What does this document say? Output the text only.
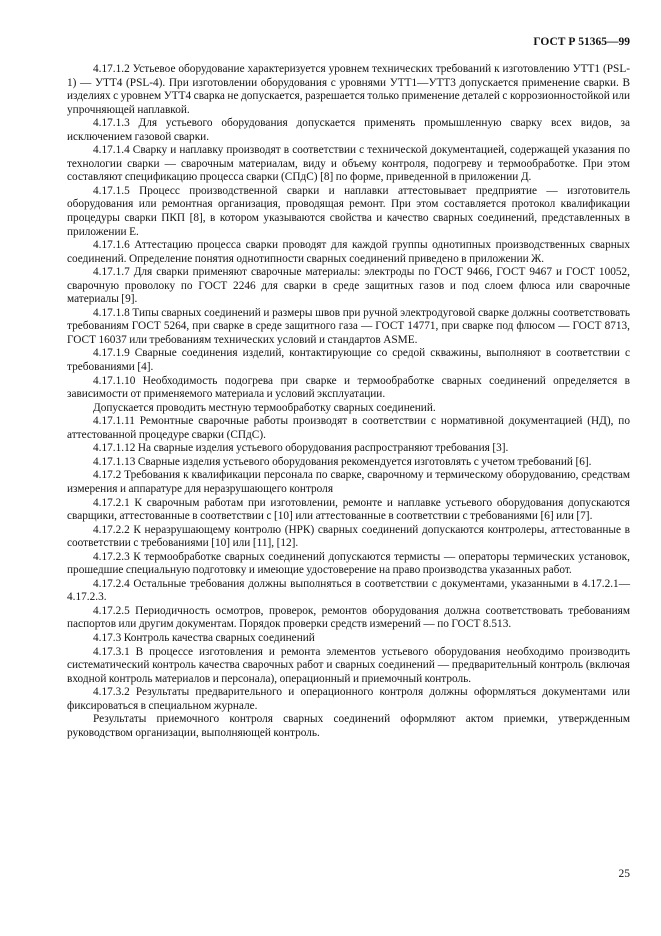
ГОСТ Р 51365—99

4.17.1.2 Устьевое оборудование характеризуется уровнем технических требований к изготовлению УТТ1 (PSL-1) — УТТ4 (PSL-4). При изготовлении оборудования с уровнями УТТ1—УТТ3 допускается применение сварки. В изделиях с уровнем УТТ4 сварка не допускается, разрешается только применение деталей с коррозионностойкой или упрочняющей наплавкой.

4.17.1.3 Для устьевого оборудования допускается применять промышленную сварку всех видов, за исключением газовой сварки.

4.17.1.4 Сварку и наплавку производят в соответствии с технической документацией, содержащей указания по технологии сварки — сварочным материалам, виду и объему контроля, подогреву и термообработке. При этом составляют спецификацию процесса сварки (СПдС) [8] по форме, приведенной в приложении Д.

4.17.1.5 Процесс производственной сварки и наплавки аттестовывает предприятие — изготовитель оборудования или ремонтная организация, проводящая ремонт. При этом составляется протокол квалификации процедуры сварки ПКП [8], в котором указываются свойства и качество сварных соединений, представленных в приложении Е.

4.17.1.6 Аттестацию процесса сварки проводят для каждой группы однотипных производственных сварных соединений. Определение понятия однотипности сварных соединений приведено в приложении Ж.

4.17.1.7 Для сварки применяют сварочные материалы: электроды по ГОСТ 9466, ГОСТ 9467 и ГОСТ 10052, сварочную проволоку по ГОСТ 2246 для сварки в среде защитных газов и под слоем флюса или сварочные материалы [9].

4.17.1.8 Типы сварных соединений и размеры швов при ручной электродуговой сварке должны соответствовать требованиям ГОСТ 5264, при сварке в среде защитного газа — ГОСТ 14771, при сварке под флюсом — ГОСТ 8713, ГОСТ 16037 или требованиям технических условий и стандартов ASME.

4.17.1.9 Сварные соединения изделий, контактирующие со средой скважины, выполняют в соответствии с требованиями [4].

4.17.1.10 Необходимость подогрева при сварке и термообработке сварных соединений определяется в зависимости от применяемого материала и условий эксплуатации.

Допускается проводить местную термообработку сварных соединений.

4.17.1.11 Ремонтные сварочные работы производят в соответствии с нормативной документацией (НД), по аттестованной процедуре сварки (СПдС).

4.17.1.12 На сварные изделия устьевого оборудования распространяют требования [3].

4.17.1.13 Сварные изделия устьевого оборудования рекомендуется изготовлять с учетом требований [6].

4.17.2 Требования к квалификации персонала по сварке, сварочному и термическому оборудованию, средствам измерения и аппаратуре для неразрушающего контроля

4.17.2.1 К сварочным работам при изготовлении, ремонте и наплавке устьевого оборудования допускаются сварщики, аттестованные в соответствии с [10] или аттестованные в соответствии с требованиями [6] или [7].

4.17.2.2 К неразрушающему контролю (НРК) сварных соединений допускаются контролеры, аттестованные в соответствии с требованиями [10] или [11], [12].

4.17.2.3 К термообработке сварных соединений допускаются термисты — операторы термических установок, прошедшие специальную подготовку и имеющие удостоверение на право производства указанных работ.

4.17.2.4 Остальные требования должны выполняться в соответствии с документами, указанными в 4.17.2.1—4.17.2.3.

4.17.2.5 Периодичность осмотров, проверок, ремонтов оборудования должна соответствовать требованиям паспортов или другим документам. Порядок проверки средств измерений — по ГОСТ 8.513.

4.17.3 Контроль качества сварных соединений

4.17.3.1 В процессе изготовления и ремонта элементов устьевого оборудования необходимо производить систематический контроль качества сварочных работ и сварных соединений — предварительный контроль (включая входной контроль материалов и персонала), операционный и приемочный контроль.

4.17.3.2 Результаты предварительного и операционного контроля должны оформляться документами или фиксироваться в специальном журнале.

Результаты приемочного контроля сварных соединений оформляют актом приемки, утвержденным руководством организации, выполняющей контроль.

25
